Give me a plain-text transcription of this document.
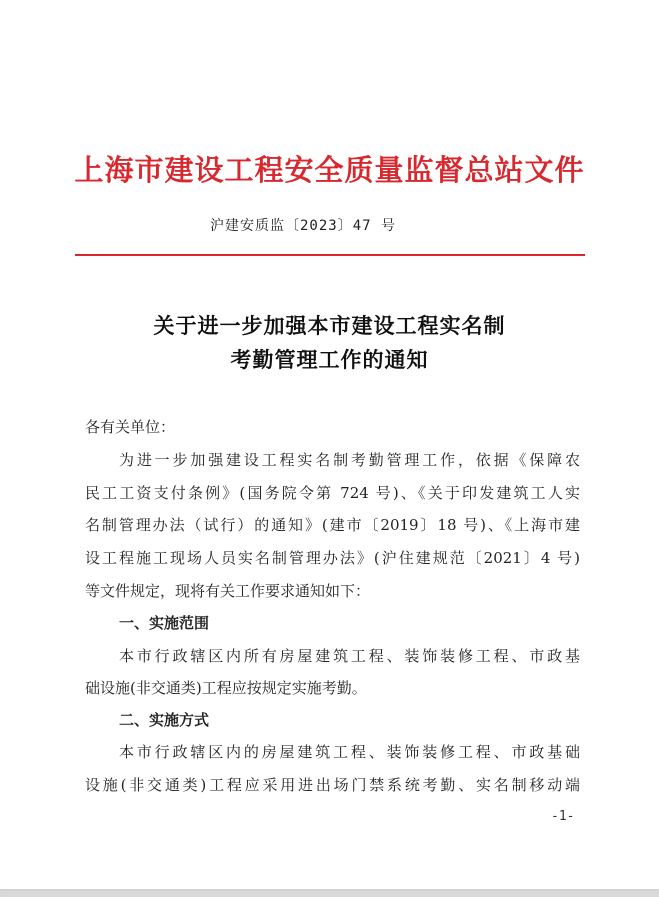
上海市建设工程安全质量监督总站文件
沪建安质监〔2023〕47 号
关于进一步加强本市建设工程实名制
考勤管理工作的通知
各有关单位：
为进一步加强建设工程实名制考勤管理工作，依据《保障农
民工工资支付条例》(国务院令第 724 号)、《关于印发建筑工人实
名制管理办法（试行）的通知》(建市〔2019〕18 号)、《上海市建
设工程施工现场人员实名制管理办法》(沪住建规范〔2021〕4 号)
等文件规定，现将有关工作要求通知如下：
一、实施范围
本市行政辖区内所有房屋建筑工程、装饰装修工程、市政基
础设施(非交通类)工程应按规定实施考勤。
二、实施方式
本市行政辖区内的房屋建筑工程、装饰装修工程、市政基础
设施(非交通类)工程应采用进出场门禁系统考勤、实名制移动端
-1-
